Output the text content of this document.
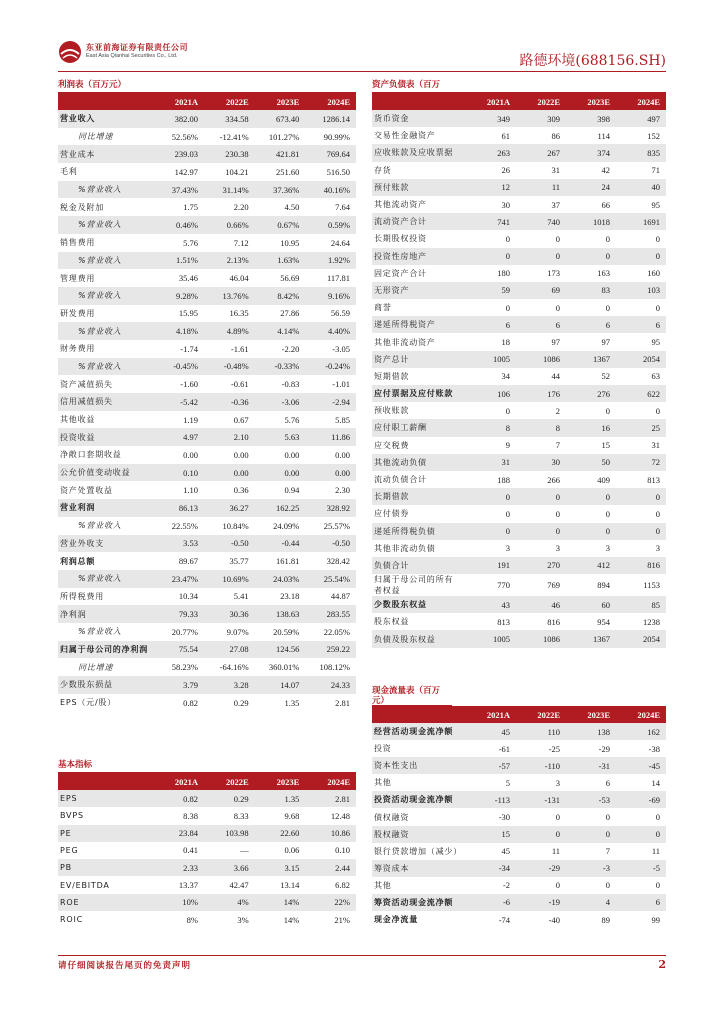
东亚前海证券有限责任公司
East Asia Qianhai Securities Co., Ltd.	路德环境(688156.SH)
利润表（百万元）
	2021A	2022E	2023E	2024E
营业收入	382.00	334.58	673.40	1286.14
同比增速	52.56%	-12.41%	101.27%	90.99%
营业成本	239.03	230.38	421.81	769.64
毛利	142.97	104.21	251.60	516.50
%营业收入	37.43%	31.14%	37.36%	40.16%
税金及附加	1.75	2.20	4.50	7.64
%营业收入	0.46%	0.66%	0.67%	0.59%
销售费用	5.76	7.12	10.95	24.64
%营业收入	1.51%	2.13%	1.63%	1.92%
管理费用	35.46	46.04	56.69	117.81
%营业收入	9.28%	13.76%	8.42%	9.16%
研发费用	15.95	16.35	27.86	56.59
%营业收入	4.18%	4.89%	4.14%	4.40%
财务费用	-1.74	-1.61	-2.20	-3.05
%营业收入	-0.45%	-0.48%	-0.33%	-0.24%
资产减值损失	-1.60	-0.61	-0.83	-1.01
信用减值损失	-5.42	-0.36	-3.06	-2.94
其他收益	1.19	0.67	5.76	5.85
投资收益	4.97	2.10	5.63	11.86
净敞口套期收益	0.00	0.00	0.00	0.00
公允价值变动收益	0.10	0.00	0.00	0.00
资产处置收益	1.10	0.36	0.94	2.30
营业利润	86.13	36.27	162.25	328.92
%营业收入	22.55%	10.84%	24.09%	25.57%
营业外收支	3.53	-0.50	-0.44	-0.50
利润总额	89.67	35.77	161.81	328.42
%营业收入	23.47%	10.69%	24.03%	25.54%
所得税费用	10.34	5.41	23.18	44.87
净利润	79.33	30.36	138.63	283.55
%营业收入	20.77%	9.07%	20.59%	22.05%
归属于母公司的净利润	75.54	27.08	124.56	259.22
同比增速	58.23%	-64.16%	360.01%	108.12%
少数股东损益	3.79	3.28	14.07	24.33
EPS（元/股）	0.82	0.29	1.35	2.81
资产负债表（百万
	2021A	2022E	2023E	2024E
货币资金	349	309	398	497
交易性金融资产	61	86	114	152
应收账款及应收票据	263	267	374	835
存货	26	31	42	71
预付账款	12	11	24	40
其他流动资产	30	37	66	95
流动资产合计	741	740	1018	1691
长期股权投资	0	0	0	0
投资性房地产	0	0	0	0
固定资产合计	180	173	163	160
无形资产	59	69	83	103
商誉	0	0	0	0
递延所得税资产	6	6	6	6
其他非流动资产	18	97	97	95
资产总计	1005	1086	1367	2054
短期借款	34	44	52	63
应付票据及应付账款	106	176	276	622
预收账款	0	2	0	0
应付职工薪酬	8	8	16	25
应交税费	9	7	15	31
其他流动负债	31	30	50	72
流动负债合计	188	266	409	813
长期借款	0	0	0	0
应付债券	0	0	0	0
递延所得税负债	0	0	0	0
其他非流动负债	3	3	3	3
负债合计	191	270	412	816
归属于母公司的所有者权益	770	769	894	1153
少数股东权益	43	46	60	85
股东权益	813	816	954	1238
负债及股东权益	1005	1086	1367	2054
基本指标
	2021A	2022E	2023E	2024E
EPS	0.82	0.29	1.35	2.81
BVPS	8.38	8.33	9.68	12.48
PE	23.84	103.98	22.60	10.86
PEG	0.41	—	0.06	0.10
PB	2.33	3.66	3.15	2.44
EV/EBITDA	13.37	42.47	13.14	6.82
ROE	10%	4%	14%	22%
ROIC	8%	3%	14%	21%
现金流量表（百万元）
	2021A	2022E	2023E	2024E
经营活动现金流净额	45	110	138	162
投资	-61	-25	-29	-38
资本性支出	-57	-110	-31	-45
其他	5	3	6	14
投资活动现金流净额	-113	-131	-53	-69
债权融资	-30	0	0	0
股权融资	15	0	0	0
银行贷款增加（减少）	45	11	7	11
筹资成本	-34	-29	-3	-5
其他	-2	0	0	0
筹资活动现金流净额	-6	-19	4	6
现金净流量	-74	-40	89	99
请仔细阅读报告尾页的免责声明	2
